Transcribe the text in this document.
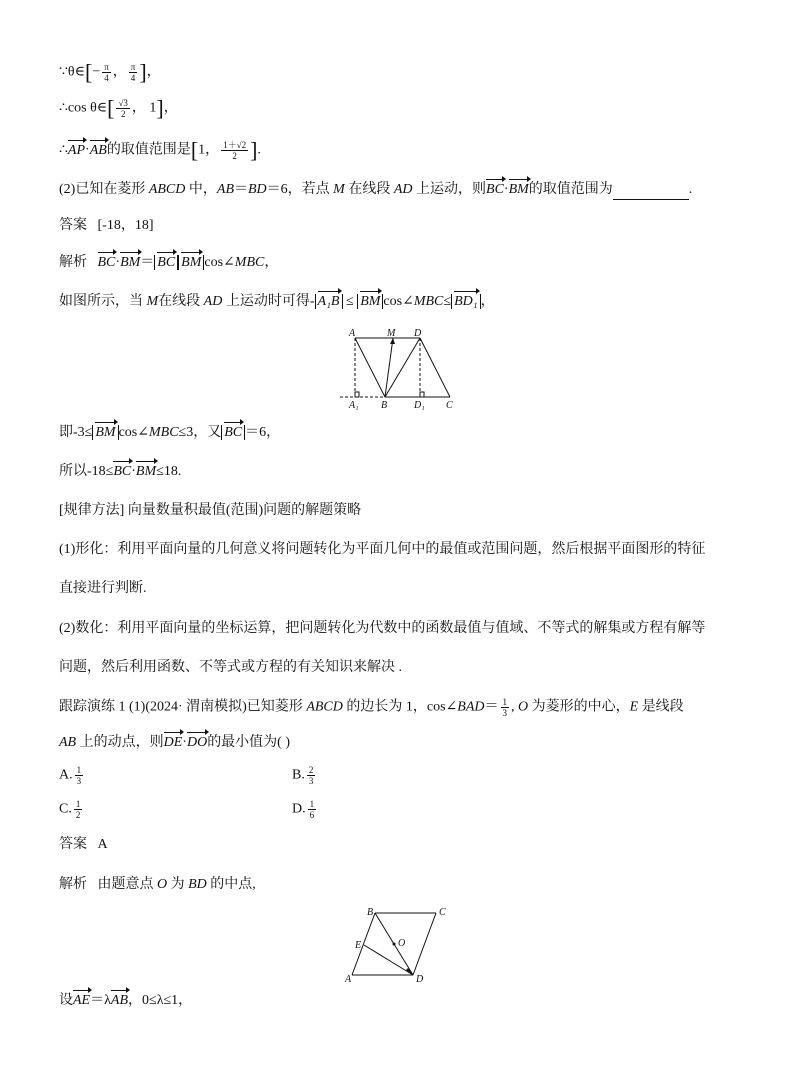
∵θ∈[− $\frac{\pi}{4}$ ， $\frac{\pi}{4}$ ]，
∴cos θ∈[ $\frac{√3}{2}$ ， 1]，
∴AP·AB的取值范围是[1， $\frac{1+√2}{2}$ ].
(2)已知在菱形 ABCD 中，AB＝BD＝6，若点 M 在线段 AD 上运动，则BC·BM的取值范围为	.
答案 [-18，18]
解析 BC·BM＝ BC BM cos∠MBC，
如图所示，当 M在线段 AD 上运动时可得- A₁B ≤ BM cos∠MBC≤ BD₁ ，
A	M D
A₁ B	D₁ C
即-3≤ BM cos∠MBC≤3，又 BC ＝6，
所以-18≤BC·BM≤18.
[规律方法] 向量数量积最值(范围)问题的解题策略
(1)形化：利用平面向量的几何意义将问题转化为平面几何中的最值或范围问题，然后根据平面图形的特征
直接进行判断.
(2)数化：利用平面向量的坐标运算，把问题转化为代数中的函数最值与值域、不等式的解集或方程有解等
问题，然后利用函数、不等式或方程的有关知识来解决 .
跟踪演练 1 (1)(2024· 渭南模拟)已知菱形 ABCD 的边长为 1，cos∠BAD＝ $\frac{1}{3}$ , O 为菱形的中心，E 是线段
AB 上的动点，则DE·DO的最小值为( )
A. $\frac{1}{3}$	B. $\frac{2}{3}$
C. $\frac{1}{2}$	D. $\frac{1}{6}$
答案 A
解析 由题意点 O 为 BD 的中点,
B	C
E	O
A	D
设AE＝λAB，0≤λ≤1，
